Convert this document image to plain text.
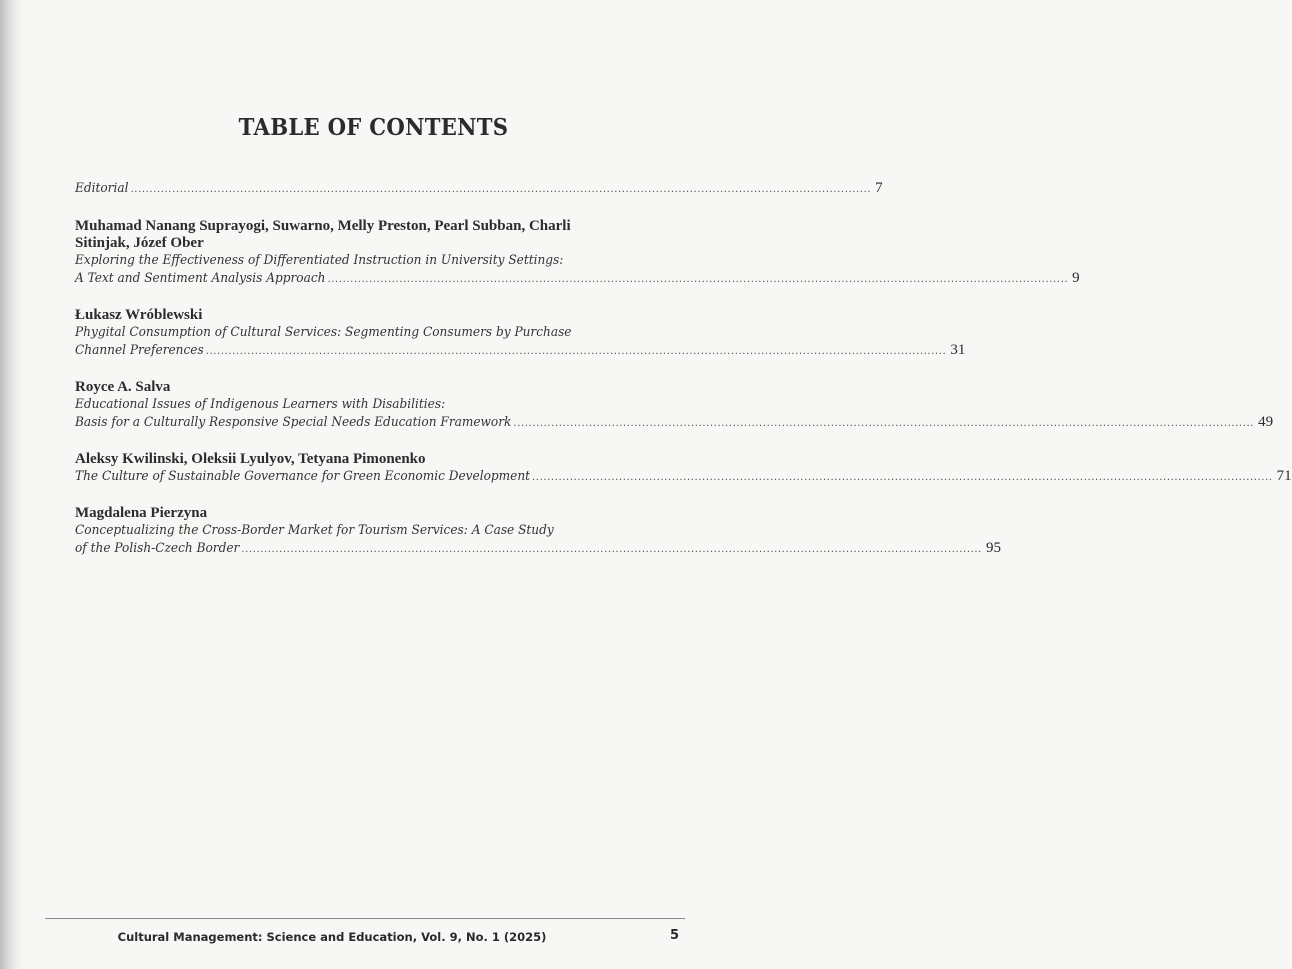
TABLE OF CONTENTS
Editorial .................................................................................................................................................................................................... 7
Muhamad Nanang Suprayogi, Suwarno, Melly Preston, Pearl Subban, Charli Sitinjak, Józef Ober
Exploring the Effectiveness of Differentiated Instruction in University Settings:
A Text and Sentiment Analysis Approach .................................................................................................................................................................................................... 9
Łukasz Wróblewski
Phygital Consumption of Cultural Services: Segmenting Consumers by Purchase
Channel Preferences .................................................................................................................................................................................................... 31
Royce A. Salva
Educational Issues of Indigenous Learners with Disabilities:
Basis for a Culturally Responsive Special Needs Education Framework .................................................................................................................................................................................................... 49
Aleksy Kwilinski, Oleksii Lyulyov, Tetyana Pimonenko
The Culture of Sustainable Governance for Green Economic Development .................................................................................................................................................................................................... 71
Magdalena Pierzyna
Conceptualizing the Cross-Border Market for Tourism Services: A Case Study
of the Polish-Czech Border .................................................................................................................................................................................................... 95
Cultural Management: Science and Education, Vol. 9, No. 1 (2025)	5
